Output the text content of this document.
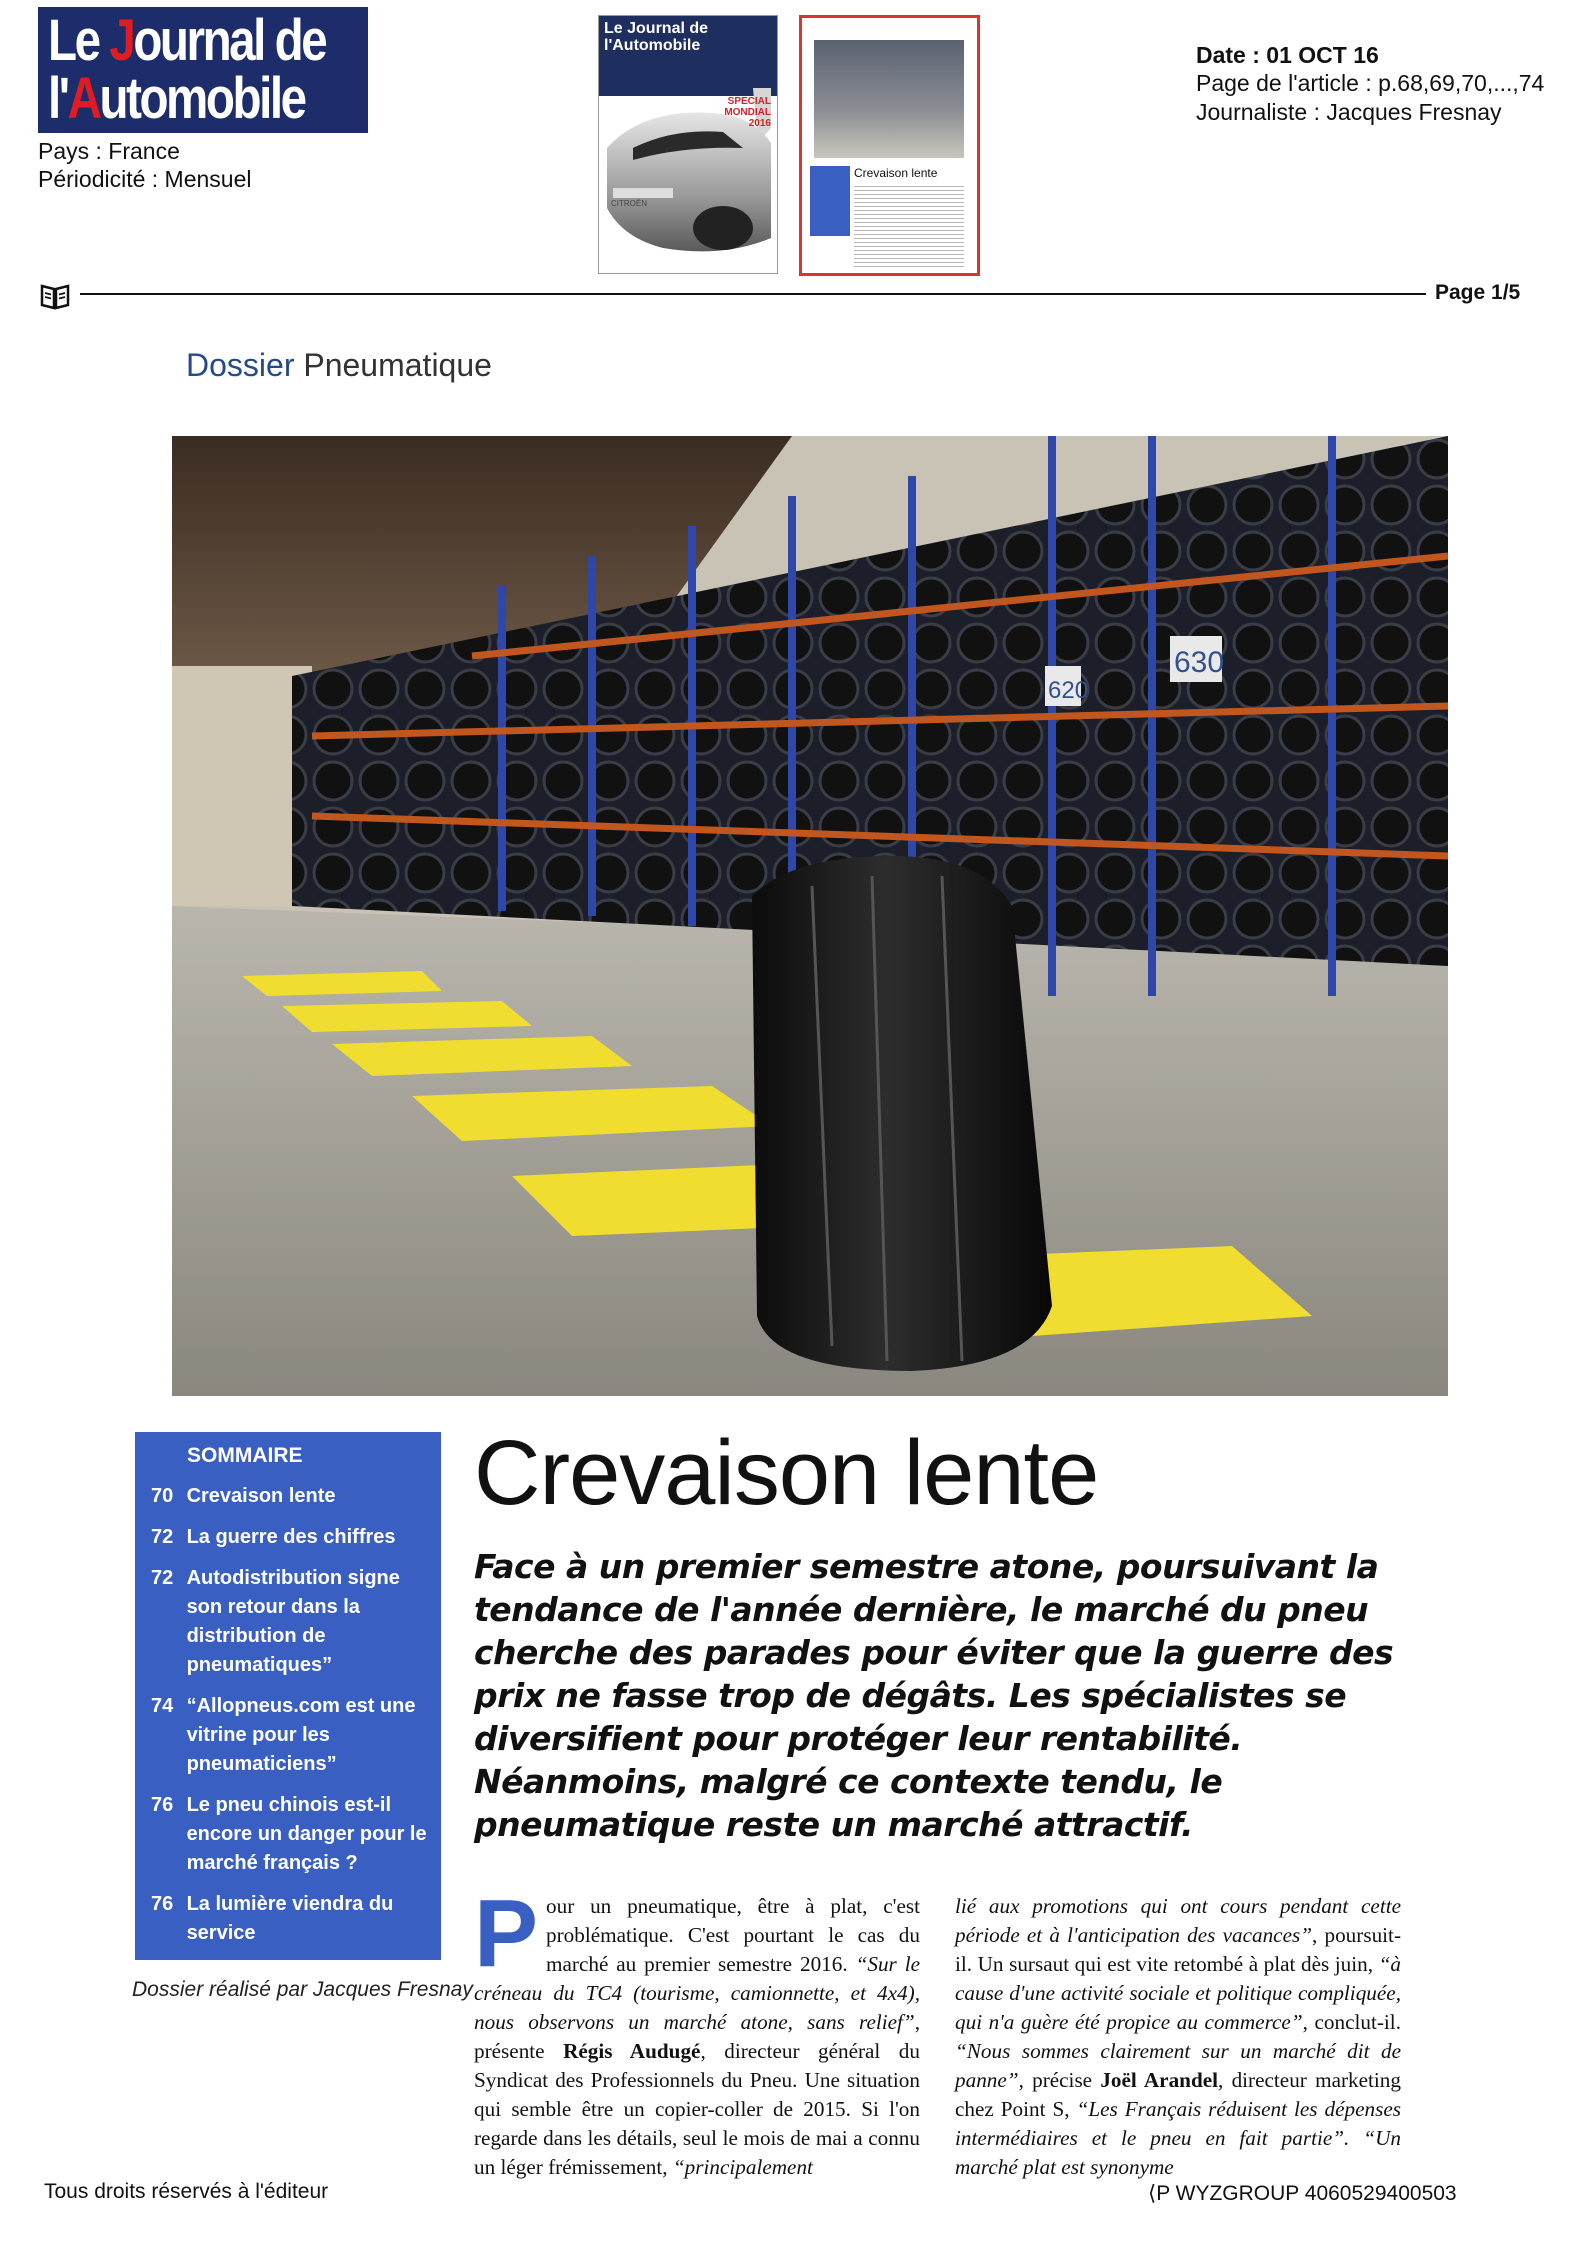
Le Journal de
l'Automobile
Pays : France
Périodicité : Mensuel
Le Journal de
l'Automobile
SPECIAL
MONDIAL
2016
CITROËN
Crevaison lente
Date : 01 OCT 16
Page de l'article : p.68,69,70,...,74
Journaliste : Jacques Fresnay
Page 1/5
Dossier Pneumatique
620
630
SOMMAIRE
70
Crevaison lente
72
La guerre des chiffres
72
Autodistribution signe son retour dans la distribution de pneumatiques”
74
“Allopneus.com est une vitrine pour les pneumaticiens”
76
Le pneu chinois est-il encore un danger pour le marché français ?
76
La lumière viendra du service
Dossier réalisé par Jacques Fresnay
Crevaison lente
Face à un premier semestre atone, poursuivant la tendance de l'année dernière, le marché du pneu cherche des parades pour éviter que la guerre des prix ne fasse trop de dégâts. Les spécialistes se diversifient pour protéger leur rentabilité. Néanmoins, malgré ce contexte tendu, le pneumatique reste un marché attractif.
Pour un pneumatique, être à plat, c'est problématique. C'est pourtant le cas du marché au premier semestre 2016. “Sur le créneau du TC4 (tourisme, camionnette, et 4x4), nous observons un marché atone, sans relief”, présente Régis Audugé, directeur général du Syndicat des Professionnels du Pneu. Une situation qui semble être un copier-coller de 2015. Si l'on regarde dans les détails, seul le mois de mai a connu un léger frémissement, “principalement
lié aux promotions qui ont cours pendant cette période et à l'anticipation des vacances”, poursuit-il. Un sursaut qui est vite retombé à plat dès juin, “à cause d'une activité sociale et politique compliquée, qui n'a guère été propice au commerce”, conclut-il. “Nous sommes clairement sur un marché dit de panne”, précise Joël Arandel, directeur marketing chez Point S, “Les Français réduisent les dépenses intermédiaires et le pneu en fait partie”. “Un marché plat est synonyme
Tous droits réservés à l'éditeur	⟨P WYZGROUP 4060529400503
